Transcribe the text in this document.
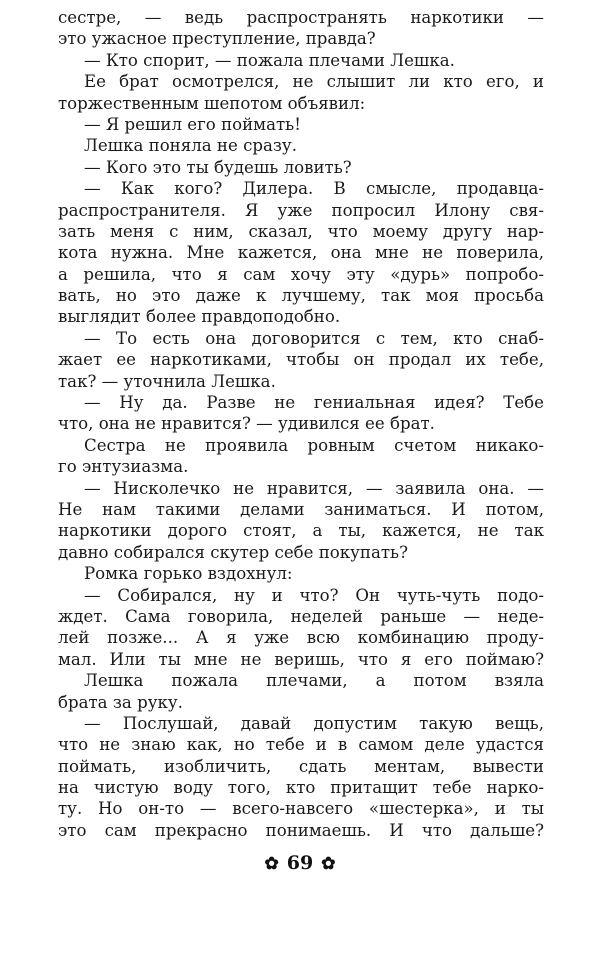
сестре, — ведь распространять наркотики —
это ужасное преступление, правда?
— Кто спорит, — пожала плечами Лешка.
Ее брат осмотрелся, не слышит ли кто его, и
торжественным шепотом объявил:
— Я решил его поймать!
Лешка поняла не сразу.
— Кого это ты будешь ловить?
— Как кого? Дилера. В смысле, продавца-
распространителя. Я уже попросил Илону свя-
зать меня с ним, сказал, что моему другу нар-
кота нужна. Мне кажется, она мне не поверила,
а решила, что я сам хочу эту «дурь» попробо-
вать, но это даже к лучшему, так моя просьба
выглядит более правдоподобно.
— То есть она договорится с тем, кто снаб-
жает ее наркотиками, чтобы он продал их тебе,
так? — уточнила Лешка.
— Ну да. Разве не гениальная идея? Тебе
что, она не нравится? — удивился ее брат.
Сестра не проявила ровным счетом никако-
го энтузиазма.
— Нисколечко не нравится, — заявила она. —
Не нам такими делами заниматься. И потом,
наркотики дорого стоят, а ты, кажется, не так
давно собирался скутер себе покупать?
Ромка горько вздохнул:
— Собирался, ну и что? Он чуть-чуть подо-
ждет. Сама говорила, неделей раньше — неде-
лей позже... А я уже всю комбинацию проду-
мал. Или ты мне не веришь, что я его поймаю?
Лешка пожала плечами, а потом взяла
брата за руку.
— Послушай, давай допустим такую вещь,
что не знаю как, но тебе и в самом деле удастся
поймать, изобличить, сдать ментам, вывести
на чистую воду того, кто притащит тебе нарко-
ту. Но он-то — всего-навсего «шестерка», и ты
это сам прекрасно понимаешь. И что дальше?
✿ 69 ✿
